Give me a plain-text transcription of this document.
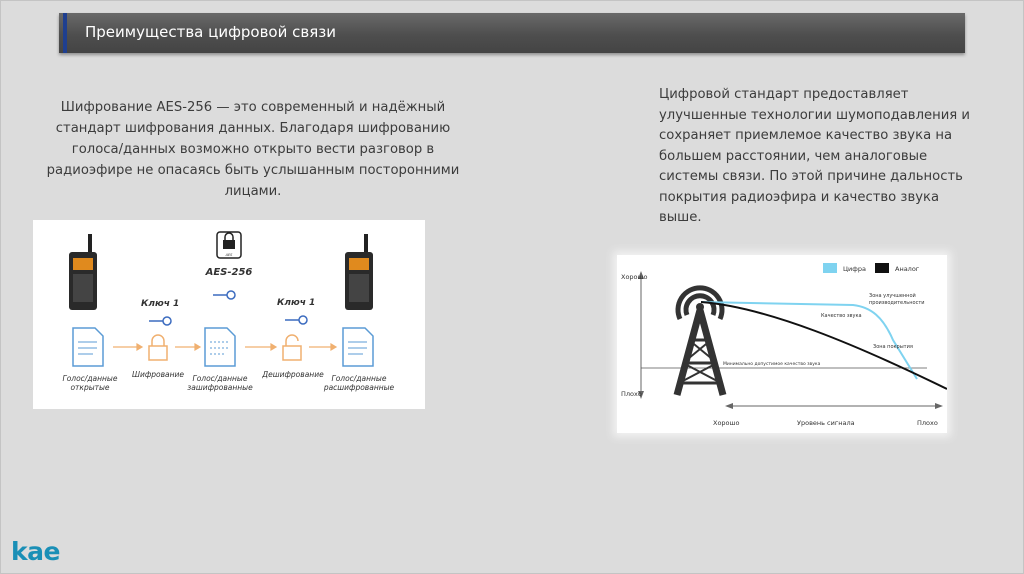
Преимущества цифровой связи
Шифрование AES-256 — это современный и надёжный стандарт шифрования данных. Благодаря шифрованию голоса/данных возможно открыто вести разговор в радиоэфире не опасаясь быть услышанным посторонними лицами.
AES
AES-256
Ключ 1	Ключ 1
Голос/данные
открытые
Шифрование Голос/данные
зашифрованные
Дешифрование Голос/данные
расшифрованные
Цифровой стандарт предоставляет улучшенные технологии шумоподавления и сохраняет приемлемое качество звука на большем расстоянии, чем аналоговые системы связи. По этой причине дальность покрытия радиоэфира и качество звука выше.
Хорошо
Плохо
Хорошо	Уровень сигнала	Плохо
Цифра	Аналог
Минимально допустимое качество звука
Зона улучшенной
производительности
Качество звука
Зона покрытия
kae
